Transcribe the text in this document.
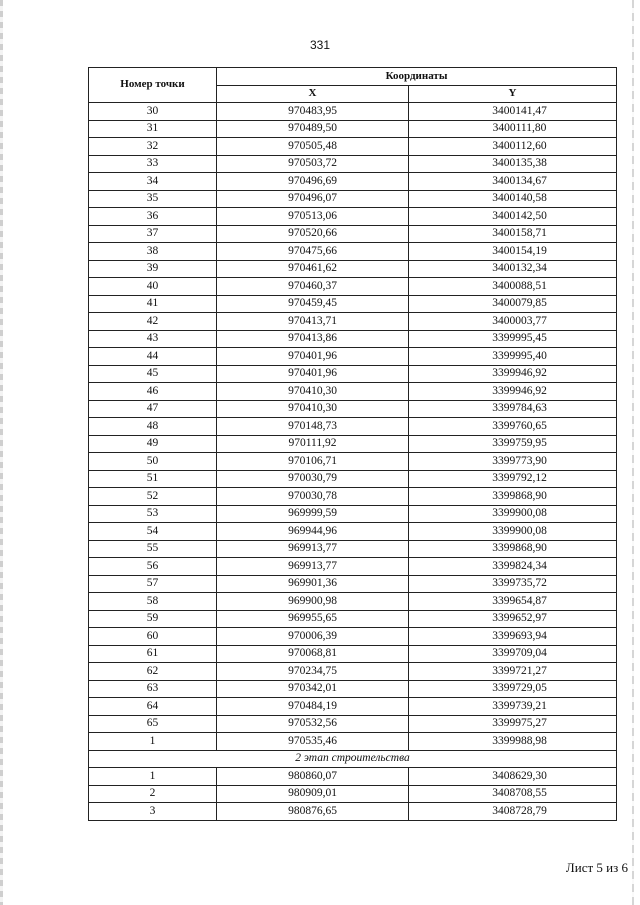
331
Номер точки	Координаты	
	X	Y
30	970483,95	3400141,47
31	970489,50	3400111,80
32	970505,48	3400112,60
33	970503,72	3400135,38
34	970496,69	3400134,67
35	970496,07	3400140,58
36	970513,06	3400142,50
37	970520,66	3400158,71
38	970475,66	3400154,19
39	970461,62	3400132,34
40	970460,37	3400088,51
41	970459,45	3400079,85
42	970413,71	3400003,77
43	970413,86	3399995,45
44	970401,96	3399995,40
45	970401,96	3399946,92
46	970410,30	3399946,92
47	970410,30	3399784,63
48	970148,73	3399760,65
49	970111,92	3399759,95
50	970106,71	3399773,90
51	970030,79	3399792,12
52	970030,78	3399868,90
53	969999,59	3399900,08
54	969944,96	3399900,08
55	969913,77	3399868,90
56	969913,77	3399824,34
57	969901,36	3399735,72
58	969900,98	3399654,87
59	969955,65	3399652,97
60	970006,39	3399693,94
61	970068,81	3399709,04
62	970234,75	3399721,27
63	970342,01	3399729,05
64	970484,19	3399739,21
65	970532,56	3399975,27
1	970535,46	3399988,98
2 этап строительства		
1	980860,07	3408629,30
2	980909,01	3408708,55
3	980876,65	3408728,79
Лист 5 из 6
